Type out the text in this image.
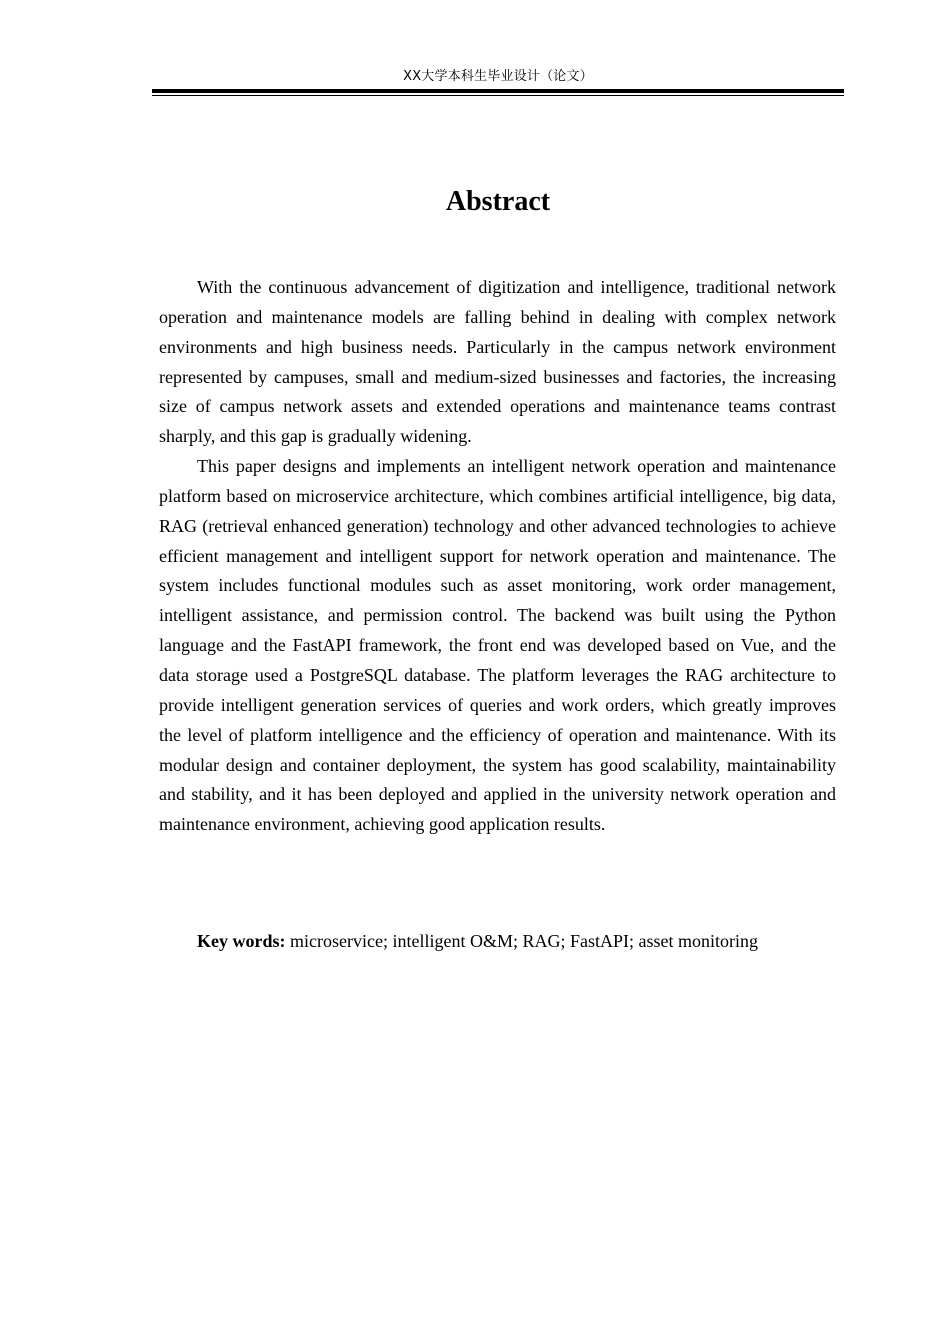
XX大学本科生毕业设计（论文）
Abstract

With the continuous advancement of digitization and intelligence, traditional network operation and maintenance models are falling behind in dealing with complex network environments and high business needs. Particularly in the campus network environment represented by campuses, small and medium-sized businesses and factories, the increasing size of campus network assets and extended operations and maintenance teams contrast sharply, and this gap is gradually widening.

This paper designs and implements an intelligent network operation and maintenance platform based on microservice architecture, which combines artificial intelligence, big data, RAG (retrieval enhanced generation) technology and other advanced technologies to achieve efficient management and intelligent support for network operation and maintenance. The system includes functional modules such as asset monitoring, work order management, intelligent assistance, and permission control. The backend was built using the Python language and the FastAPI framework, the front end was developed based on Vue, and the data storage used a PostgreSQL database. The platform leverages the RAG architecture to provide intelligent generation services of queries and work orders, which greatly improves the level of platform intelligence and the efficiency of operation and maintenance. With its modular design and container deployment, the system has good scalability, maintainability and stability, and it has been deployed and applied in the university network operation and maintenance environment, achieving good application results.

Key words: microservice; intelligent O&M; RAG; FastAPI; asset monitoring
